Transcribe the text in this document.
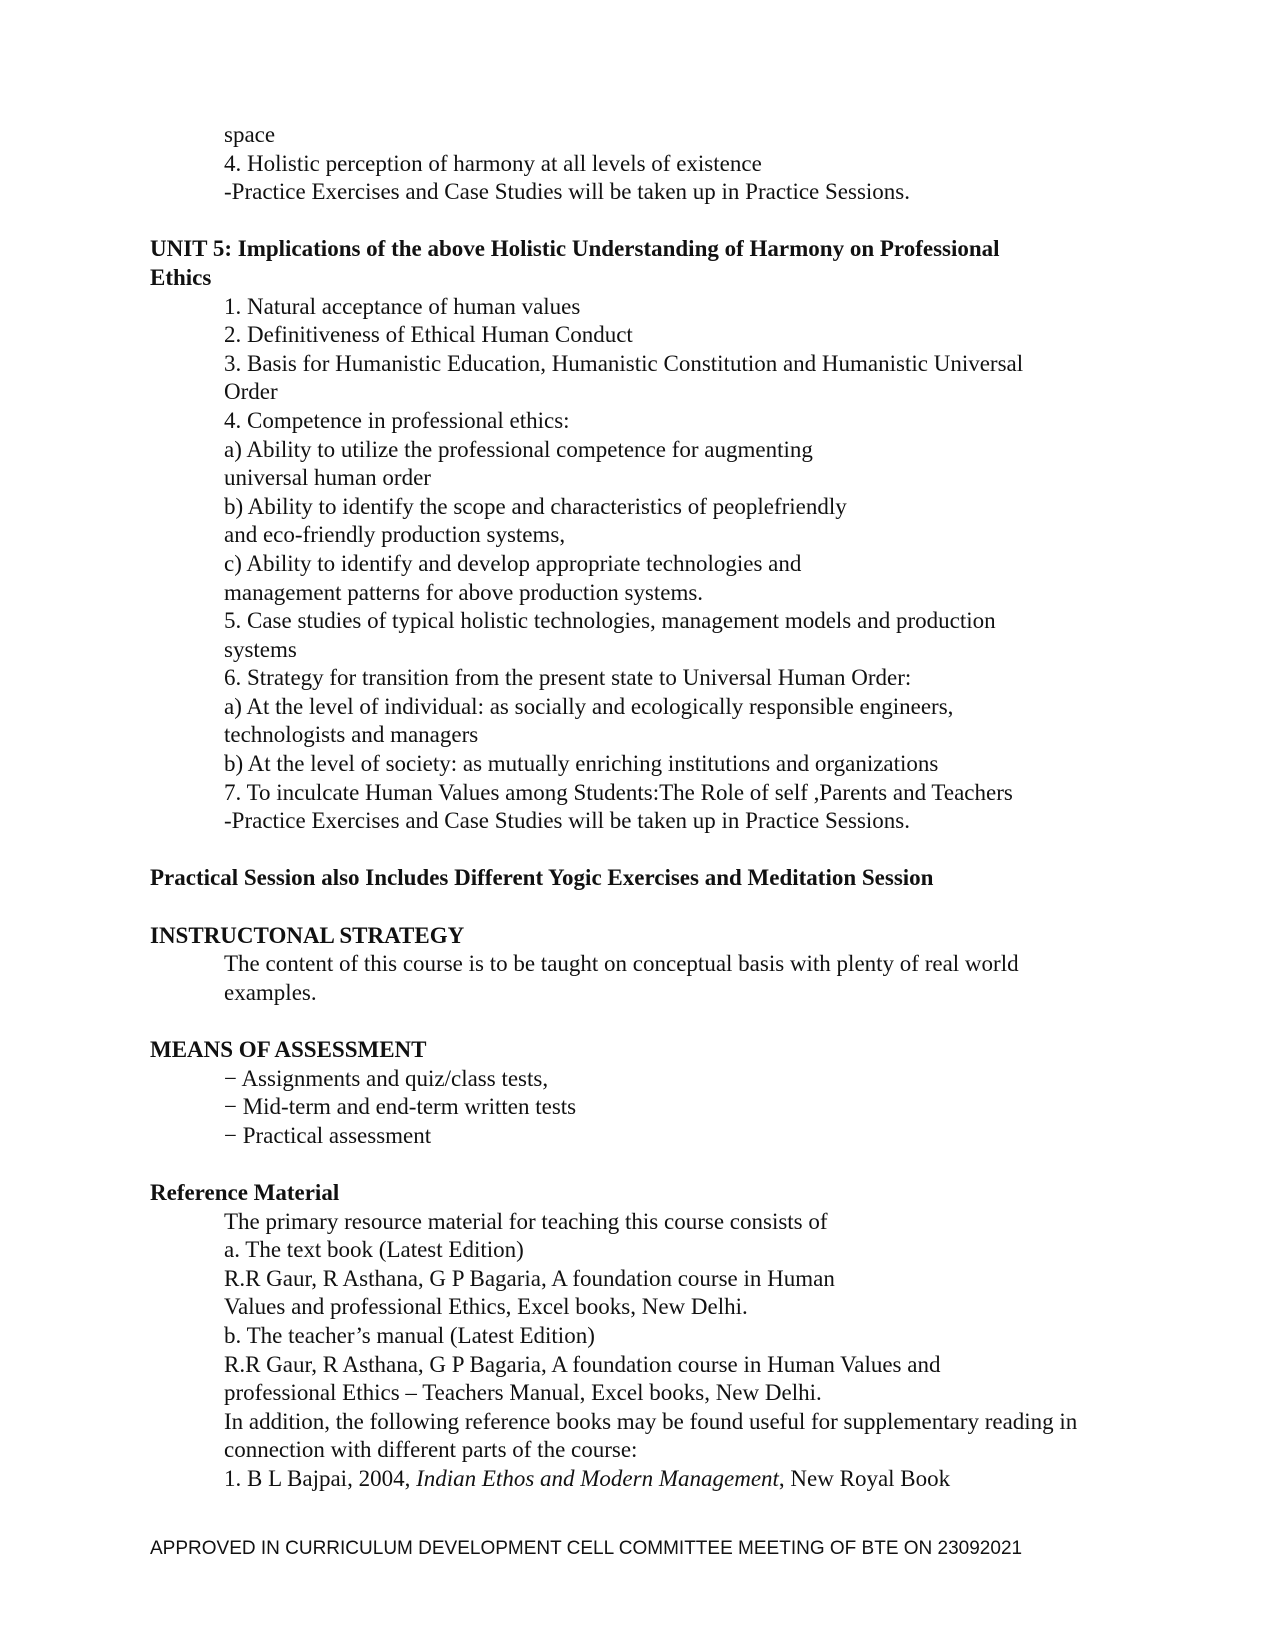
space
4. Holistic perception of harmony at all levels of existence
-Practice Exercises and Case Studies will be taken up in Practice Sessions.
UNIT 5: Implications of the above Holistic Understanding of Harmony on Professional
Ethics
1. Natural acceptance of human values
2. Definitiveness of Ethical Human Conduct
3. Basis for Humanistic Education, Humanistic Constitution and Humanistic Universal
Order
4. Competence in professional ethics:
a) Ability to utilize the professional competence for augmenting
universal human order
b) Ability to identify the scope and characteristics of peoplefriendly
and eco-friendly production systems,
c) Ability to identify and develop appropriate technologies and
management patterns for above production systems.
5. Case studies of typical holistic technologies, management models and production
systems
6. Strategy for transition from the present state to Universal Human Order:
a) At the level of individual: as socially and ecologically responsible engineers,
technologists and managers
b) At the level of society: as mutually enriching institutions and organizations
7. To inculcate Human Values among Students:The Role of self ,Parents and Teachers
-Practice Exercises and Case Studies will be taken up in Practice Sessions.
Practical Session also Includes Different Yogic Exercises and Meditation Session
INSTRUCTONAL STRATEGY
The content of this course is to be taught on conceptual basis with plenty of real world
examples.
MEANS OF ASSESSMENT
− Assignments and quiz/class tests,
− Mid-term and end-term written tests
− Practical assessment
Reference Material
The primary resource material for teaching this course consists of
a. The text book (Latest Edition)
R.R Gaur, R Asthana, G P Bagaria, A foundation course in Human
Values and professional Ethics, Excel books, New Delhi.
b. The teacher’s manual (Latest Edition)
R.R Gaur, R Asthana, G P Bagaria, A foundation course in Human Values and
professional Ethics – Teachers Manual, Excel books, New Delhi.
In addition, the following reference books may be found useful for supplementary reading in
connection with different parts of the course:
1. B L Bajpai, 2004, Indian Ethos and Modern Management, New Royal Book
APPROVED IN CURRICULUM DEVELOPMENT CELL COMMITTEE MEETING OF BTE ON 23092021
